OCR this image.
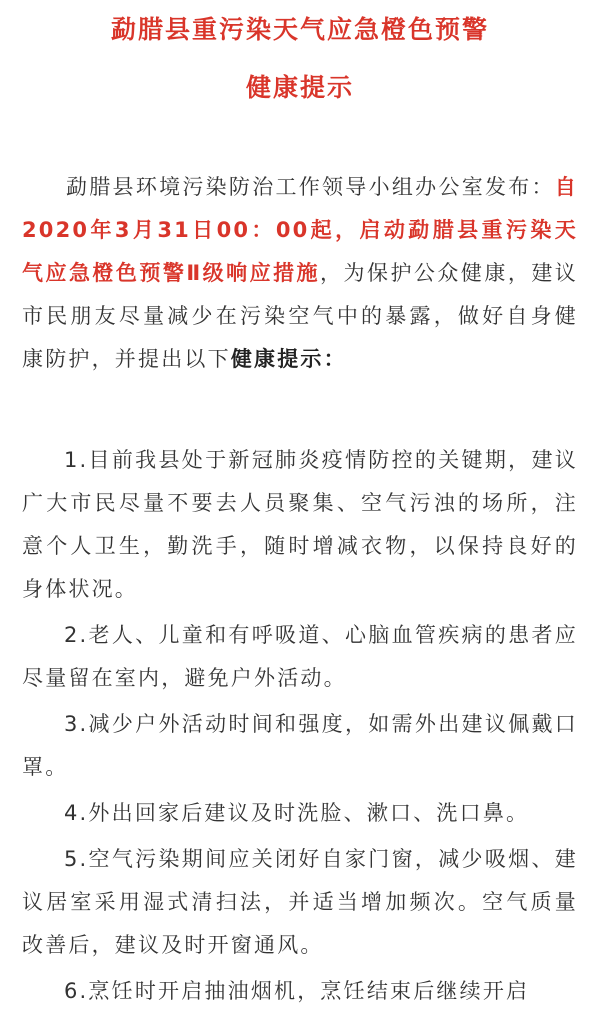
勐腊县重污染天气应急橙色预警
健康提示

勐腊县环境污染防治工作领导小组办公室发布：自2020年3月31日00：00起，启动勐腊县重污染天气应急橙色预警Ⅱ级响应措施，为保护公众健康，建议市民朋友尽量减少在污染空气中的暴露，做好自身健康防护，并提出以下健康提示：

1.目前我县处于新冠肺炎疫情防控的关键期，建议广大市民尽量不要去人员聚集、空气污浊的场所，注意个人卫生，勤洗手，随时增减衣物，以保持良好的身体状况。

2.老人、儿童和有呼吸道、心脑血管疾病的患者应尽量留在室内，避免户外活动。

3.减少户外活动时间和强度，如需外出建议佩戴口罩。

4.外出回家后建议及时洗脸、漱口、洗口鼻。

5.空气污染期间应关闭好自家门窗，减少吸烟、建议居室采用湿式清扫法，并适当增加频次。空气质量改善后，建议及时开窗通风。

6.烹饪时开启抽油烟机，烹饪结束后继续开启
